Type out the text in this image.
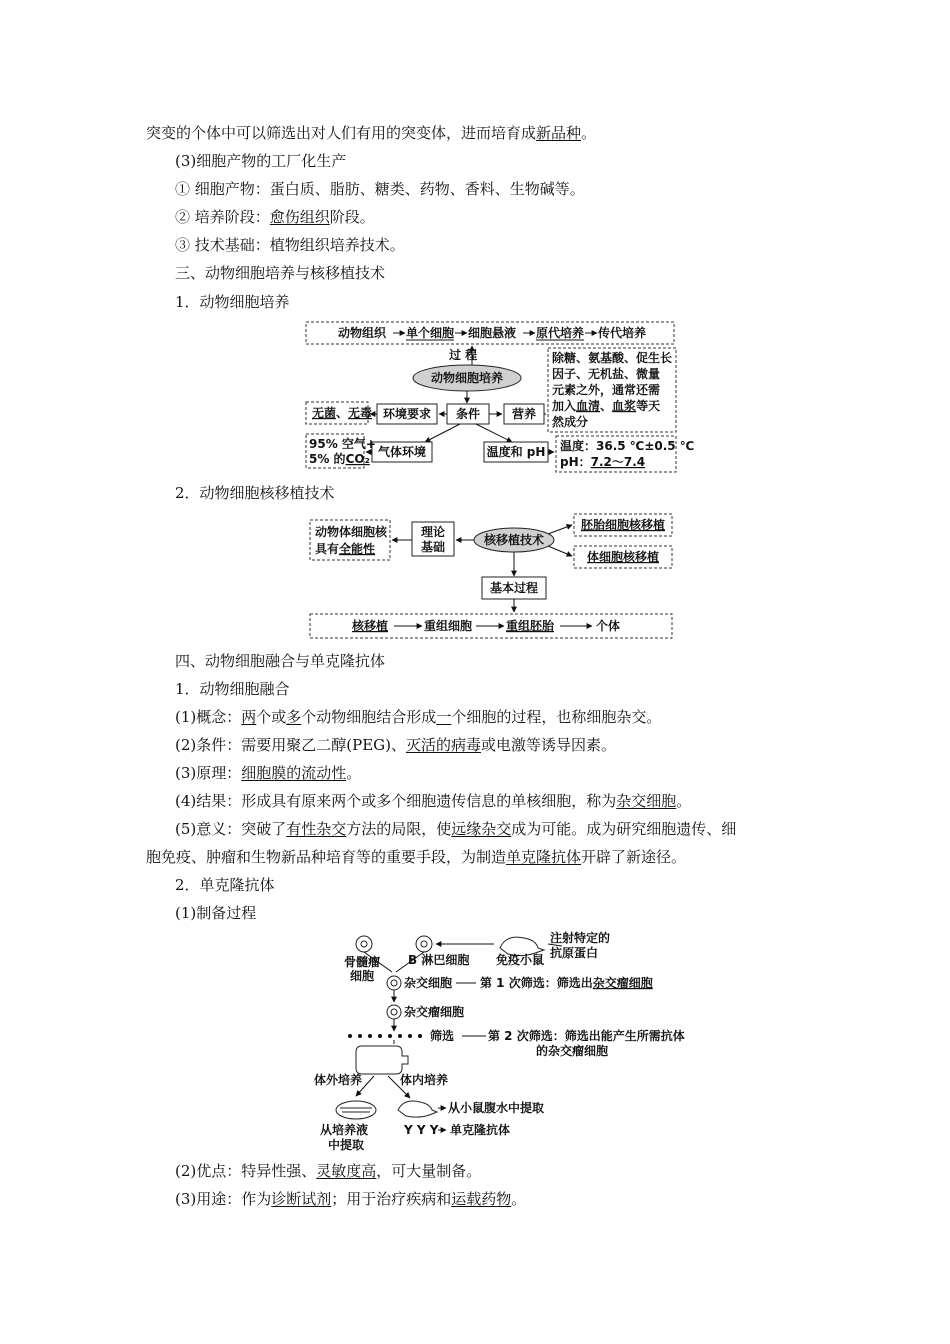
突变的个体中可以筛选出对人们有用的突变体，进而培育成新品种。
(3)细胞产物的工厂化生产
① 细胞产物：蛋白质、脂肪、糖类、药物、香料、生物碱等。
② 培养阶段：愈伤组织阶段。
③ 技术基础：植物组织培养技术。
三、动物细胞培养与核移植技术
1．动物细胞培养
动物组织 单个细胞 细胞悬液 原代培养 传代培养
过 程
动物细胞培养
条件
环境要求	营养
无菌、无毒
气体环境	温度和 pH
95% 空气+
5% 的CO₂
除糖、氨基酸、促生长
因子、无机盐、微量
元素之外，通常还需
加入血清、血浆等天
然成分
温度：36.5 ℃±0.5 ℃
pH：7.2～7.4
2．动物细胞核移植技术
动物体细胞核
具有全能性
理论
基础	核移植技术
胚胎细胞核移植
体细胞核移植
基本过程
核移植	重组细胞	重组胚胎	个体
四、动物细胞融合与单克隆抗体
1．动物细胞融合
(1)概念：两个或多个动物细胞结合形成一个细胞的过程，也称细胞杂交。
(2)条件：需要用聚乙二醇(PEG)、灭活的病毒或电激等诱导因素。
(3)原理：细胞膜的流动性。
(4)结果：形成具有原来两个或多个细胞遗传信息的单核细胞，称为杂交细胞。
(5)意义：突破了有性杂交方法的局限，使远缘杂交成为可能。成为研究细胞遗传、细
胞免疫、肿瘤和生物新品种培育等的重要手段，为制造单克隆抗体开辟了新途径。
2．单克隆抗体
(1)制备过程
骨髓瘤
细胞
B 淋巴细胞 免疫小鼠
注射特定的
抗原蛋白
杂交细胞 第 1 次筛选：筛选出杂交瘤细胞
杂交瘤细胞
筛选	第 2 次筛选：筛选出能产生所需抗体
的杂交瘤细胞
体外培养	体内培养
从小鼠腹水中提取
从培养液
中提取
Y Y Y 单克隆抗体
(2)优点：特异性强、灵敏度高，可大量制备。
(3)用途：作为诊断试剂；用于治疗疾病和运载药物。
